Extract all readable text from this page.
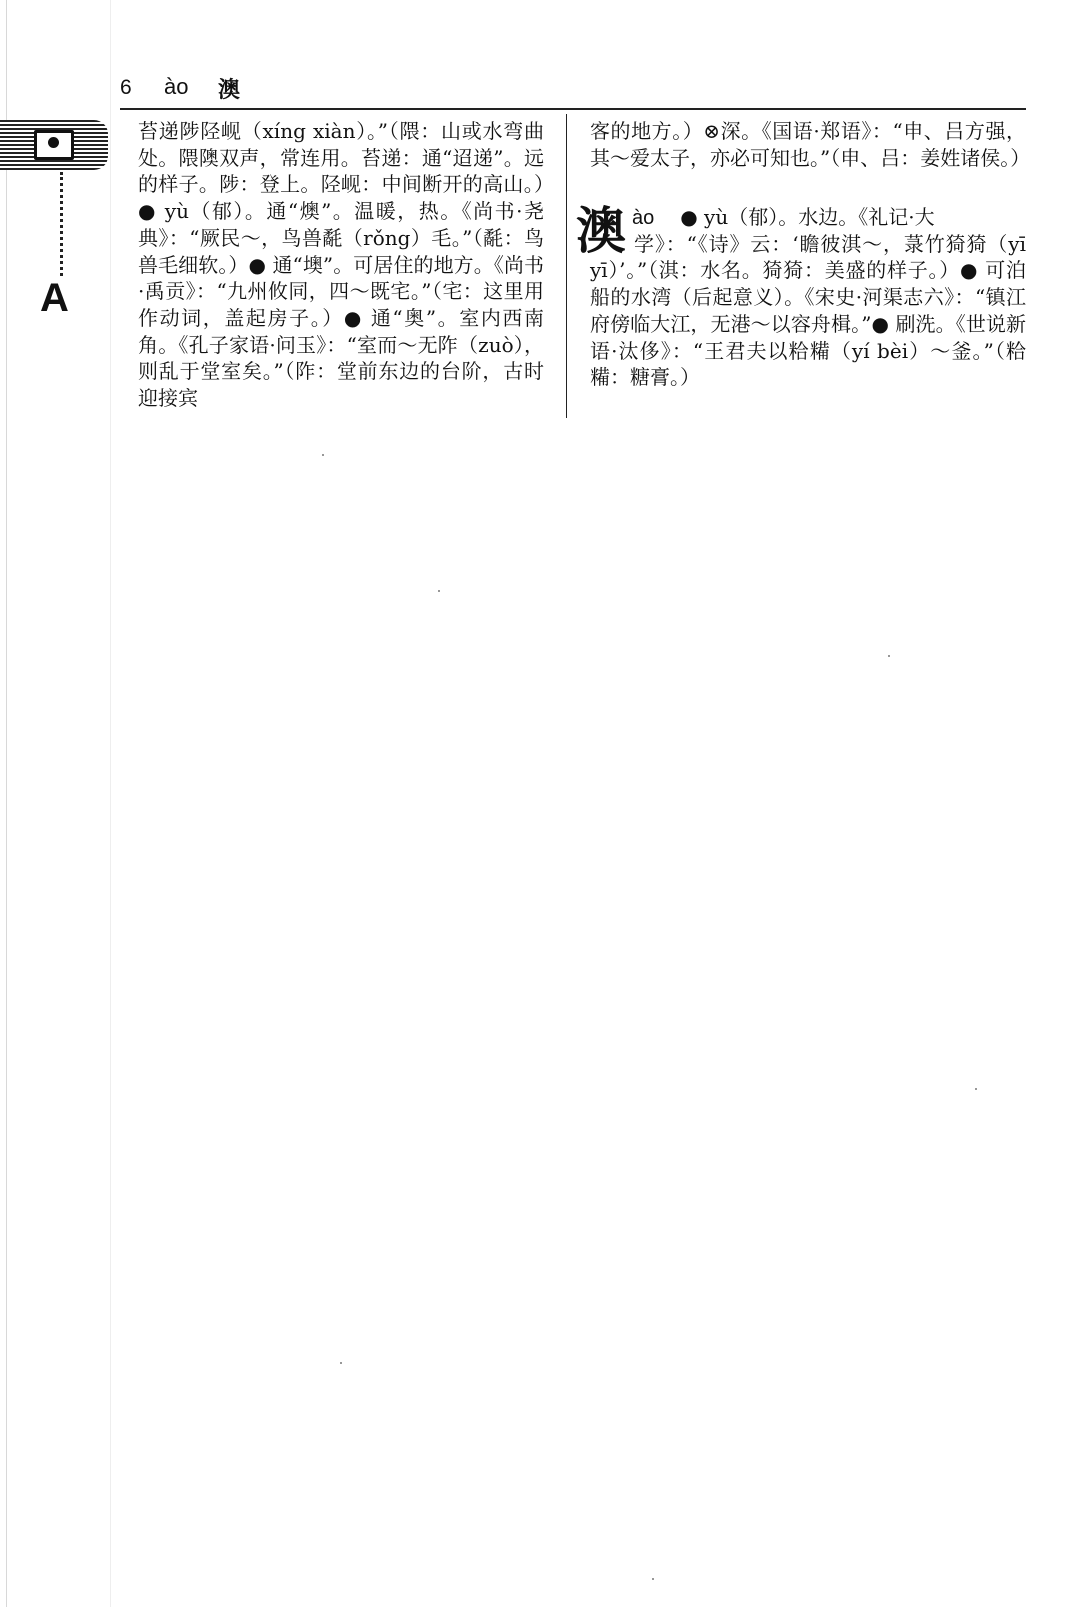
6 ào 澳
A

苔递陟陉岘（xíng xiàn）。”（隈：山或水弯曲处。隈隩双声，常连用。苔递：通“迢递”。远的样子。陟：登上。陉岘：中间断开的高山。）● yù（郁）。通“燠”。温暖，热。《尚书·尧典》：“厥民～，鸟兽氄（rǒng）毛。”（氄：鸟兽毛细软。）● 通“墺”。可居住的地方。《尚书·禹贡》：“九州攸同，四～既宅。”（宅：这里用作动词，盖起房子。）● 通“奥”。室内西南角。《孔子家语·问玉》：“室而～无阼（zuò），则乱于堂室矣。”（阼：堂前东边的台阶，古时迎接宾

客的地方。）⊗深。《国语·郑语》：“申、吕方强，其～爱太子，亦必可知也。”（申、吕：姜姓诸侯。）

澳 ào ● yù（郁）。水边。《礼记·大

学》：“《诗》云：‘瞻彼淇～，菉竹猗猗（yī yī）’。”（淇：水名。猗猗：美盛的样子。）● 可泊船的水湾（后起意义）。《宋史·河渠志六》：“镇江府傍临大江，无港～以容舟楫。”● 刷洗。《世说新语·汰侈》：“王君夫以粭糒（yí bèi）～釜。”（粭糒：糖膏。）
